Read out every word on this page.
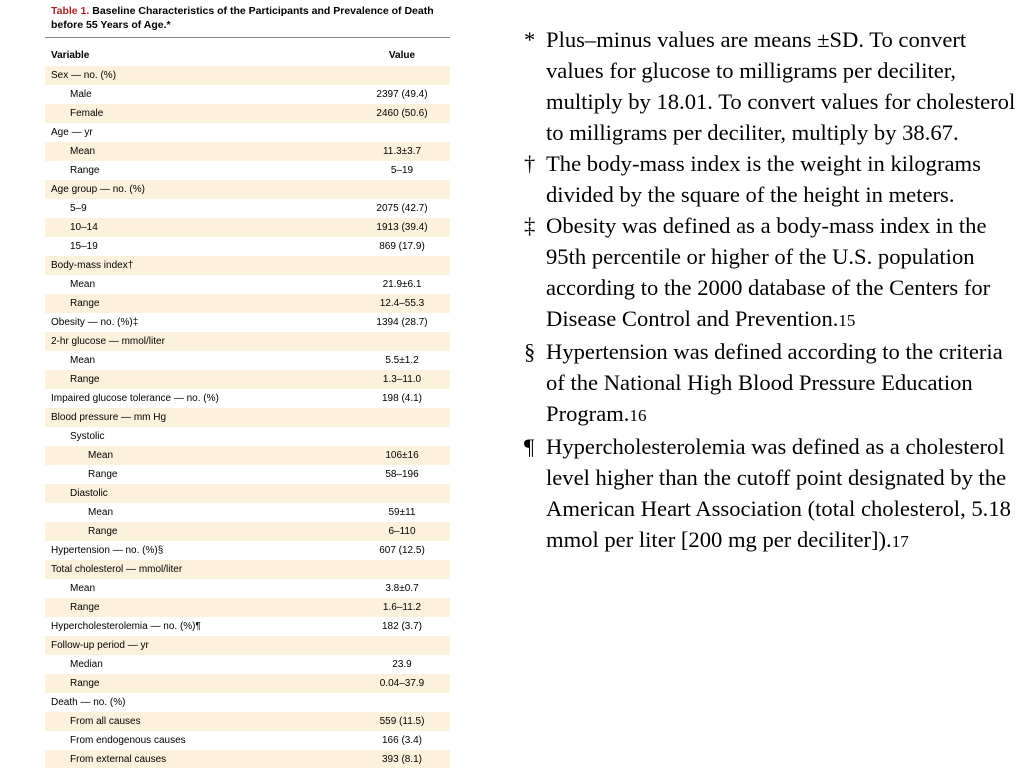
Table 1. Baseline Characteristics of the Participants and Prevalence of Death before 55 Years of Age.*
Variable	Value
Sex — no. (%)
Male	2397 (49.4)
Female	2460 (50.6)
Age — yr
Mean	11.3±3.7
Range	5–19
Age group — no. (%)
5–9	2075 (42.7)
10–14	1913 (39.4)
15–19	869 (17.9)
Body-mass index†
Mean	21.9±6.1
Range	12.4–55.3
Obesity — no. (%)‡	1394 (28.7)
2-hr glucose — mmol/liter
Mean	5.5±1.2
Range	1.3–11.0
Impaired glucose tolerance — no. (%)	198 (4.1)
Blood pressure — mm Hg
Systolic
Mean	106±16
Range	58–196
Diastolic
Mean	59±11
Range	6–110
Hypertension — no. (%)§	607 (12.5)
Total cholesterol — mmol/liter
Mean	3.8±0.7
Range	1.6–11.2
Hypercholesterolemia — no. (%)¶	182 (3.7)
Follow-up period — yr
Median	23.9
Range	0.04–37.9
Death — no. (%)
From all causes	559 (11.5)
From endogenous causes	166 (3.4)
From external causes	393 (8.1)
* Plus–minus values are means ±SD. To convert values for glucose to milligrams per deciliter, multiply by 18.01. To convert values for cholesterol to milligrams per deciliter, multiply by 38.67.
† The body-mass index is the weight in kilograms divided by the square of the height in meters.
‡ Obesity was defined as a body-mass index in the 95th percentile or higher of the U.S. population according to the 2000 database of the Centers for Disease Control and Prevention.15
§ Hypertension was defined according to the criteria of the National High Blood Pressure Education Program.16
¶ Hypercholesterolemia was defined as a cholesterol level higher than the cutoff point designated by the American Heart Association (total cholesterol, 5.18 mmol per liter [200 mg per deciliter]).17
